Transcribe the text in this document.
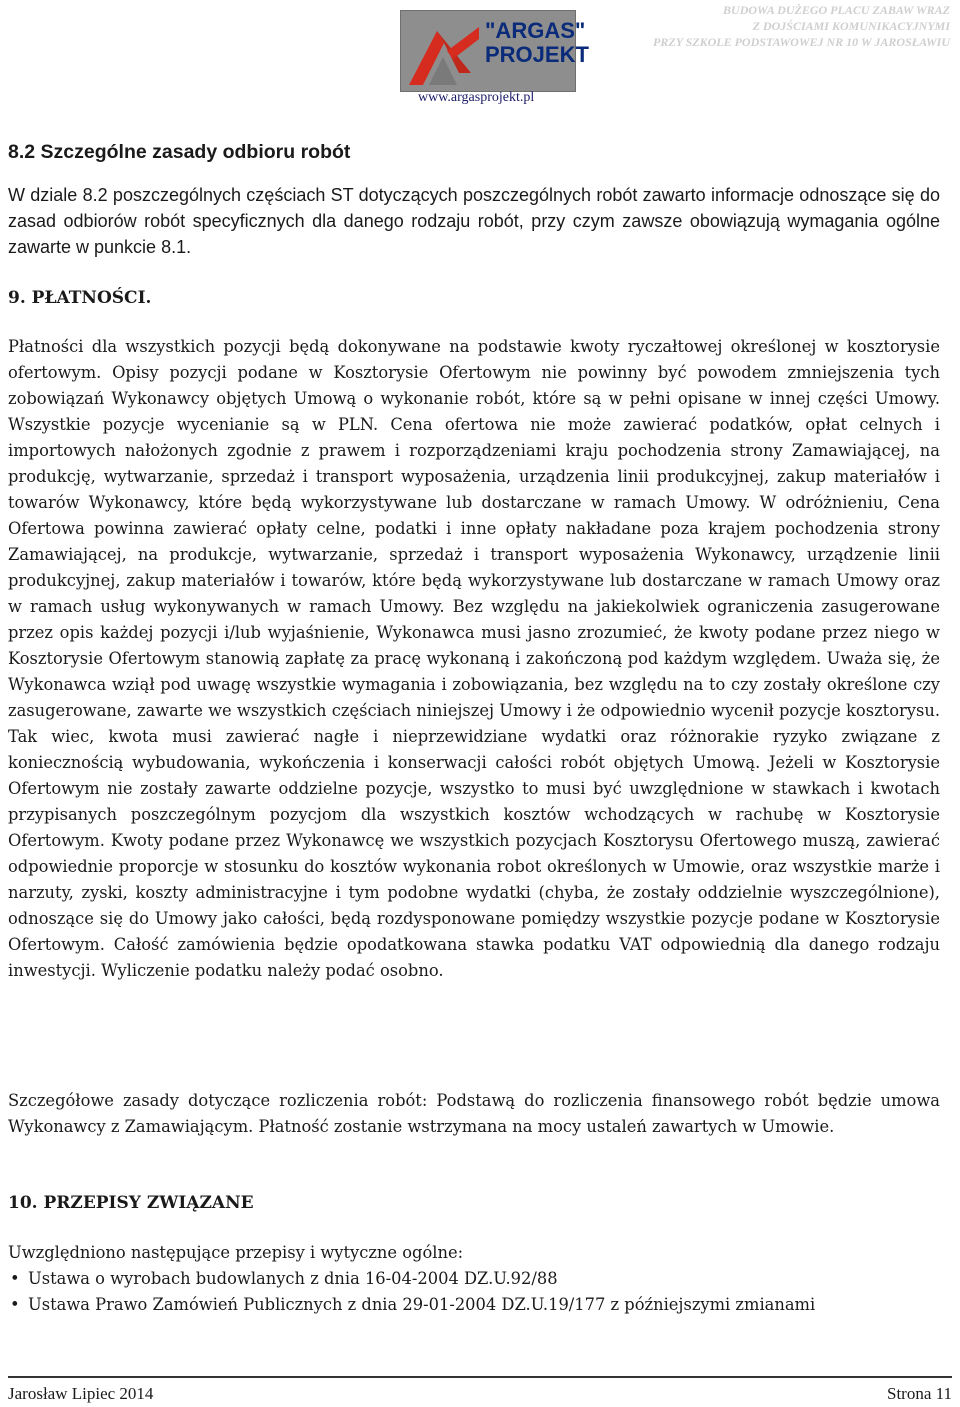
"ARGAS" PROJEKT
www.argasprojekt.pl
BUDOWA DUŻEGO PLACU ZABAW WRAZ
Z DOJŚCIAMI KOMUNIKACYJNYMI
PRZY SZKOLE PODSTAWOWEJ NR 10 W JAROSŁAWIU
8.2 Szczególne zasady odbioru robót
W dziale 8.2 poszczególnych częściach ST dotyczących poszczególnych robót zawarto informacje odnoszące się do zasad odbiorów robót specyficznych dla danego rodzaju robót, przy czym zawsze obowiązują wymagania ogólne zawarte w punkcie 8.1.
9. PŁATNOŚCI.
Płatności dla wszystkich pozycji będą dokonywane na podstawie kwoty ryczałtowej określonej w kosztorysie ofertowym. Opisy pozycji podane w Kosztorysie Ofertowym nie powinny być powodem zmniejszenia tych zobowiązań Wykonawcy objętych Umową o wykonanie robót, które są w pełni opisane w innej części Umowy. Wszystkie pozycje wycenianie są w PLN. Cena ofertowa nie może zawierać podatków, opłat celnych i importowych nałożonych zgodnie z prawem i rozporządzeniami kraju pochodzenia strony Zamawiającej, na produkcję, wytwarzanie, sprzedaż i transport wyposażenia, urządzenia linii produkcyjnej, zakup materiałów i towarów Wykonawcy, które będą wykorzystywane lub dostarczane w ramach Umowy. W odróżnieniu, Cena Ofertowa powinna zawierać opłaty celne, podatki i inne opłaty nakładane poza krajem pochodzenia strony Zamawiającej, na produkcje, wytwarzanie, sprzedaż i transport wyposażenia Wykonawcy, urządzenie linii produkcyjnej, zakup materiałów i towarów, które będą wykorzystywane lub dostarczane w ramach Umowy oraz w ramach usług wykonywanych w ramach Umowy. Bez względu na jakiekolwiek ograniczenia zasugerowane przez opis każdej pozycji i/lub wyjaśnienie, Wykonawca musi jasno zrozumieć, że kwoty podane przez niego w Kosztorysie Ofertowym stanowią zapłatę za pracę wykonaną i zakończoną pod każdym względem. Uważa się, że Wykonawca wziął pod uwagę wszystkie wymagania i zobowiązania, bez względu na to czy zostały określone czy zasugerowane, zawarte we wszystkich częściach niniejszej Umowy i że odpowiednio wycenił pozycje kosztorysu. Tak wiec, kwota musi zawierać nagłe i nieprzewidziane wydatki oraz różnorakie ryzyko związane z koniecznością wybudowania, wykończenia i konserwacji całości robót objętych Umową. Jeżeli w Kosztorysie Ofertowym nie zostały zawarte oddzielne pozycje, wszystko to musi być uwzględnione w stawkach i kwotach przypisanych poszczególnym pozycjom dla wszystkich kosztów wchodzących w rachubę w Kosztorysie Ofertowym. Kwoty podane przez Wykonawcę we wszystkich pozycjach Kosztorysu Ofertowego muszą, zawierać odpowiednie proporcje w stosunku do kosztów wykonania robot określonych w Umowie, oraz wszystkie marże i narzuty, zyski, koszty administracyjne i tym podobne wydatki (chyba, że zostały oddzielnie wyszczególnione), odnoszące się do Umowy jako całości, będą rozdysponowane pomiędzy wszystkie pozycje podane w Kosztorysie Ofertowym. Całość zamówienia będzie opodatkowana stawka podatku VAT odpowiednią dla danego rodzaju inwestycji. Wyliczenie podatku należy podać osobno.
Szczegółowe zasady dotyczące rozliczenia robót: Podstawą do rozliczenia finansowego robót będzie umowa Wykonawcy z Zamawiającym. Płatność zostanie wstrzymana na mocy ustaleń zawartych w Umowie.
10. PRZEPISY ZWIĄZANE
Uwzględniono następujące przepisy i wytyczne ogólne:
• Ustawa o wyrobach budowlanych z dnia 16-04-2004 DZ.U.92/88
• Ustawa Prawo Zamówień Publicznych z dnia 29-01-2004 DZ.U.19/177 z późniejszymi zmianami
Jarosław Lipiec 2014	Strona 11
